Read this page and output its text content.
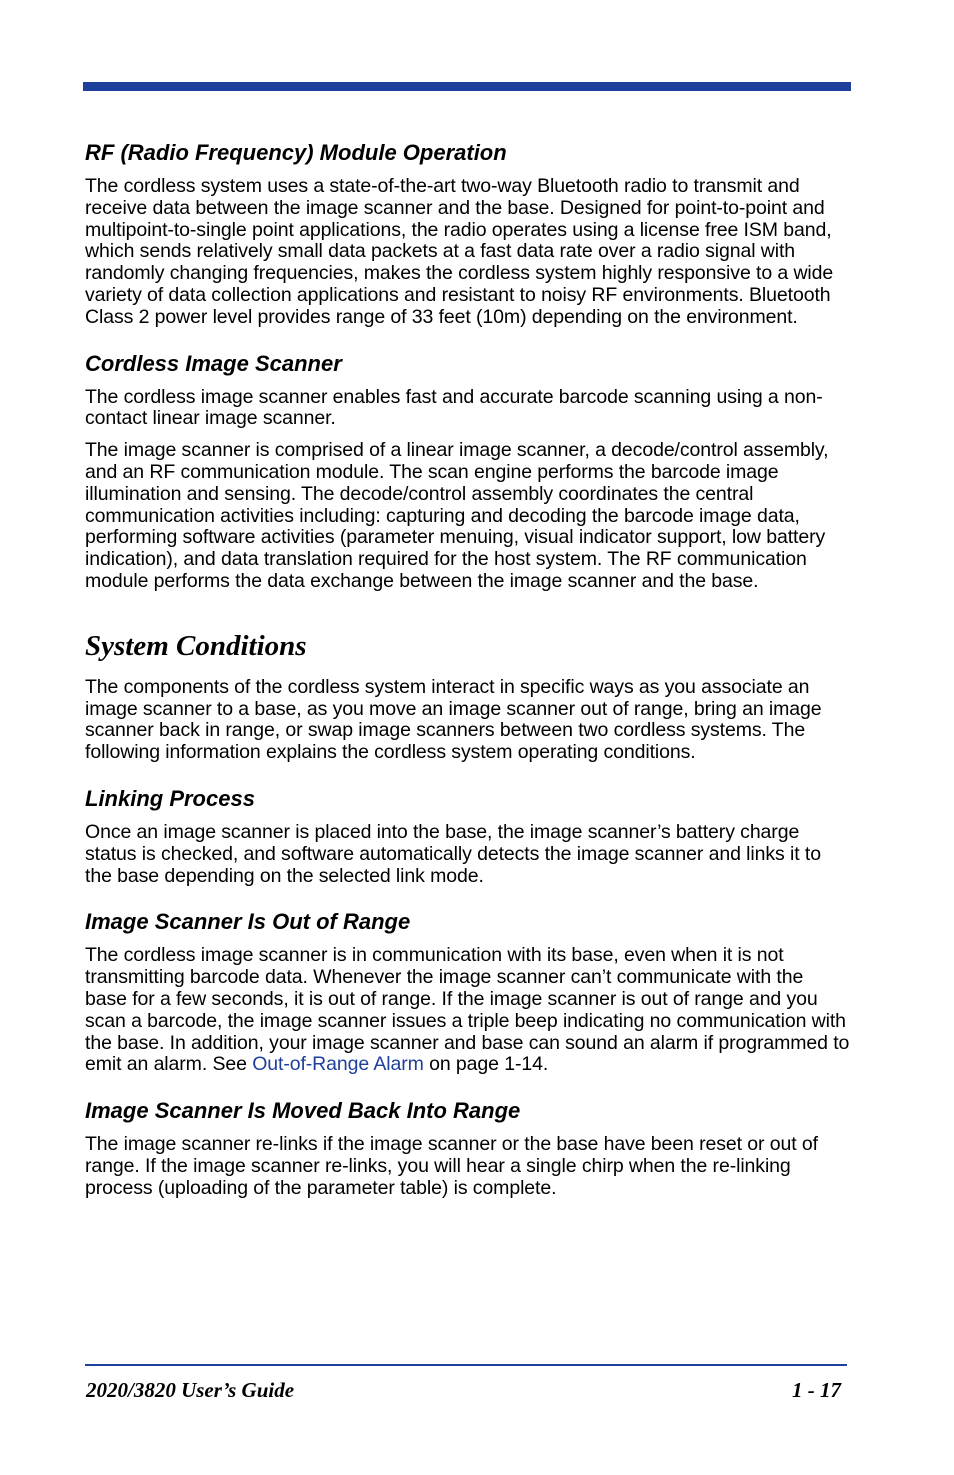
RF (Radio Frequency) Module Operation

The cordless system uses a state-of-the-art two-way Bluetooth radio to transmit and receive data between the image scanner and the base. Designed for point-to-point and multipoint-to-single point applications, the radio operates using a license free ISM band, which sends relatively small data packets at a fast data rate over a radio signal with randomly changing frequencies, makes the cordless system highly responsive to a wide variety of data collection applications and resistant to noisy RF environments. Bluetooth Class 2 power level provides range of 33 feet (10m) depending on the environment.

Cordless Image Scanner

The cordless image scanner enables fast and accurate barcode scanning using a non-contact linear image scanner.

The image scanner is comprised of a linear image scanner, a decode/control assembly, and an RF communication module. The scan engine performs the barcode image illumination and sensing. The decode/control assembly coordinates the central communication activities including: capturing and decoding the barcode image data, performing software activities (parameter menuing, visual indicator support, low battery indication), and data translation required for the host system. The RF communication module performs the data exchange between the image scanner and the base.

System Conditions

The components of the cordless system interact in specific ways as you associate an image scanner to a base, as you move an image scanner out of range, bring an image scanner back in range, or swap image scanners between two cordless systems. The following information explains the cordless system operating conditions.

Linking Process

Once an image scanner is placed into the base, the image scanner’s battery charge status is checked, and software automatically detects the image scanner and links it to the base depending on the selected link mode.

Image Scanner Is Out of Range

The cordless image scanner is in communication with its base, even when it is not transmitting barcode data. Whenever the image scanner can’t communicate with the base for a few seconds, it is out of range. If the image scanner is out of range and you scan a barcode, the image scanner issues a triple beep indicating no communication with the base. In addition, your image scanner and base can sound an alarm if programmed to emit an alarm. See Out-of-Range Alarm on page 1-14.

Image Scanner Is Moved Back Into Range

The image scanner re-links if the image scanner or the base have been reset or out of range. If the image scanner re-links, you will hear a single chirp when the re-linking process (uploading of the parameter table) is complete.

2020/3820 User’s Guide	1 - 17
